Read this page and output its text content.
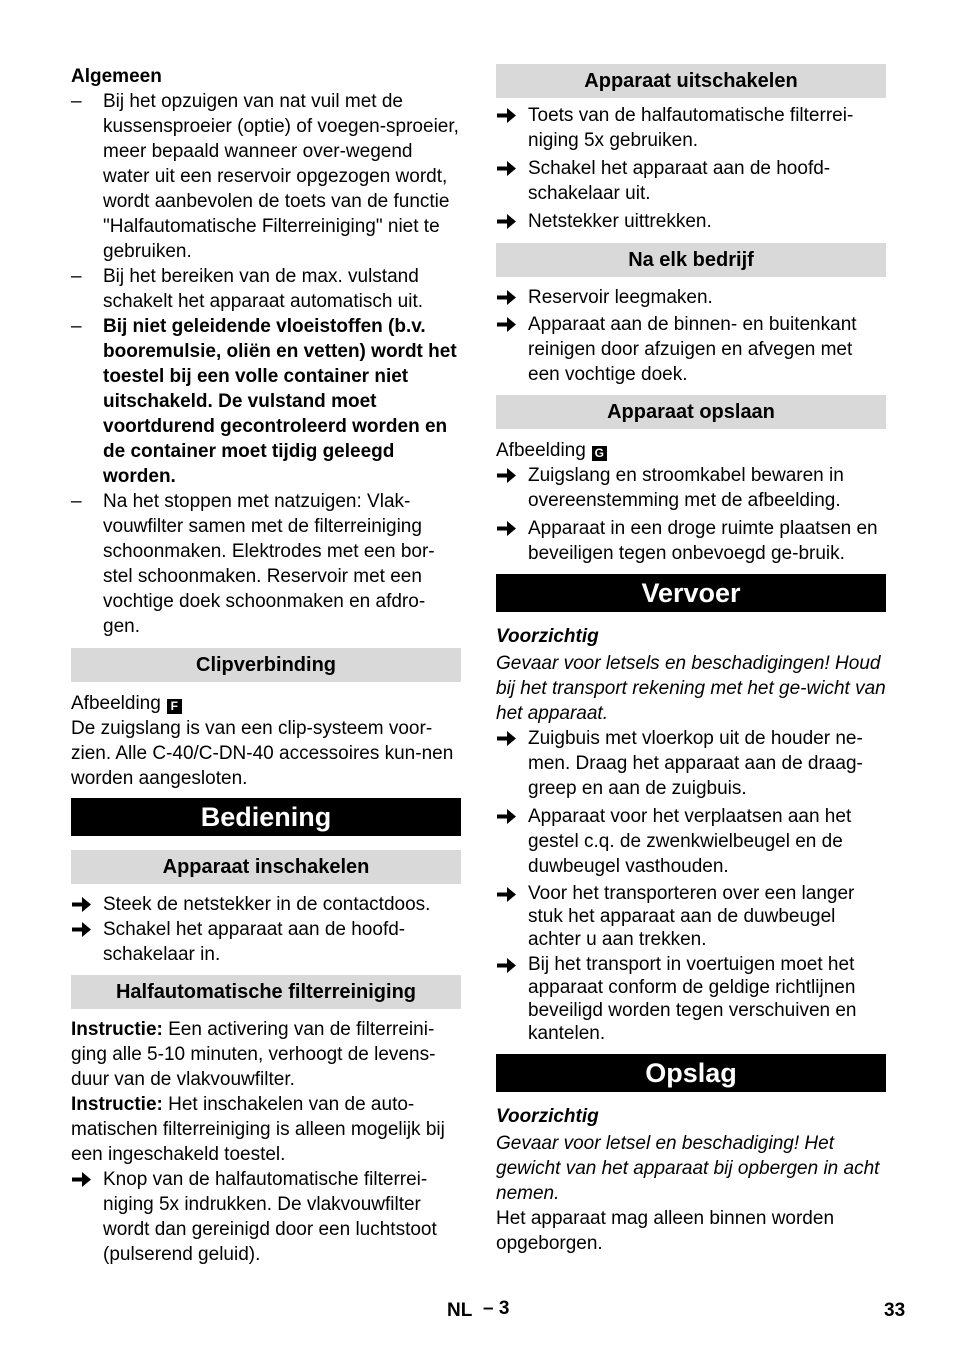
Algemeen

–	Bij het opzuigen van nat vuil met de kussensproeier (optie) of voegen-sproeier, meer bepaald wanneer over-wegend water uit een reservoir opgezogen wordt, wordt aanbevolen de toets van de functie "Halfautomatische Filterreiniging" niet te gebruiken.
–	Bij het bereiken van de max. vulstand schakelt het apparaat automatisch uit.
–	Bij niet geleidende vloeistoffen (b.v. booremulsie, oliën en vetten) wordt het toestel bij een volle container niet uitschakeld. De vulstand moet voortdurend gecontroleerd worden en de container moet tijdig geleegd worden.
–	Na het stoppen met natzuigen: Vlak-vouwfilter samen met de filterreiniging schoonmaken. Elektrodes met een bor-stel schoonmaken. Reservoir met een vochtige doek schoonmaken en afdro-gen.

Clipverbinding

Afbeelding F

De zuigslang is van een clip-systeem voor-zien. Alle C-40/C-DN-40 accessoires kun-nen worden aangesloten.

Bediening

Apparaat inschakelen

Steek de netstekker in de contactdoos.
Schakel het apparaat aan de hoofd-schakelaar in.

Halfautomatische filterreiniging

Instructie: Een activering van de filterreini-ging alle 5-10 minuten, verhoogt de levens-duur van de vlakvouwfilter.

Instructie: Het inschakelen van de auto-matischen filterreiniging is alleen mogelijk bij een ingeschakeld toestel.

Knop van de halfautomatische filterrei-niging 5x indrukken. De vlakvouwfilter wordt dan gereinigd door een luchtstoot (pulserend geluid).

Apparaat uitschakelen

Toets van de halfautomatische filterrei-niging 5x gebruiken.
Schakel het apparaat aan de hoofd-schakelaar uit.
Netstekker uittrekken.

Na elk bedrijf

Reservoir leegmaken.
Apparaat aan de binnen- en buitenkant reinigen door afzuigen en afvegen met een vochtige doek.

Apparaat opslaan

Afbeelding G

Zuigslang en stroomkabel bewaren in overeenstemming met de afbeelding.
Apparaat in een droge ruimte plaatsen en beveiligen tegen onbevoegd ge-bruik.

Vervoer

Voorzichtig

Gevaar voor letsels en beschadigingen! Houd bij het transport rekening met het ge-wicht van het apparaat.

Zuigbuis met vloerkop uit de houder ne-men. Draag het apparaat aan de draag-greep en aan de zuigbuis.
Apparaat voor het verplaatsen aan het gestel c.q. de zwenkwielbeugel en de duwbeugel vasthouden.
Voor het transporteren over een langer stuk het apparaat aan de duwbeugel achter u aan trekken.
Bij het transport in voertuigen moet het apparaat conform de geldige richtlijnen beveiligd worden tegen verschuiven en kantelen.

Opslag

Voorzichtig

Gevaar voor letsel en beschadiging! Het gewicht van het apparaat bij opbergen in acht nemen.

Het apparaat mag alleen binnen worden opgeborgen.

NL – 3	33
